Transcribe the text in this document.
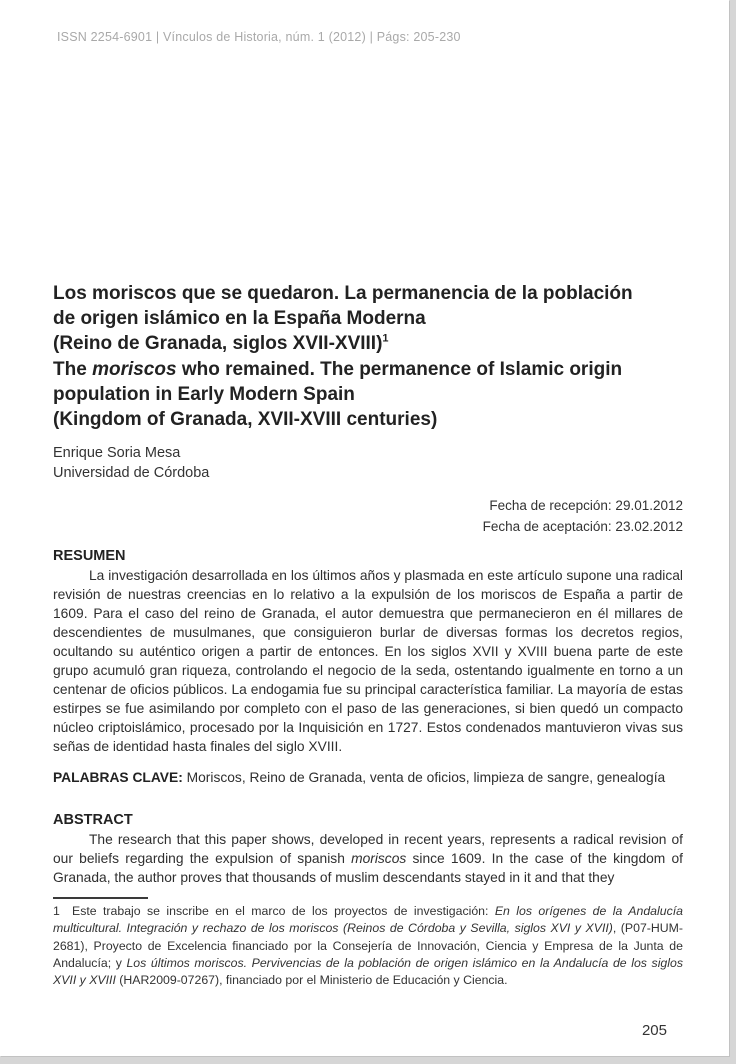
ISSN 2254-6901 | Vínculos de Historia, núm. 1 (2012) | Págs: 205-230
Los moriscos que se quedaron. La permanencia de la población
de origen islámico en la España Moderna
(Reino de Granada, siglos XVII-XVIII)$^1$
The moriscos who remained. The permanence of Islamic origin
population in Early Modern Spain
(Kingdom of Granada, XVII-XVIII centuries)
Enrique Soria Mesa
Universidad de Córdoba
Fecha de recepción: 29.01.2012
Fecha de aceptación: 23.02.2012
RESUMEN

La investigación desarrollada en los últimos años y plasmada en este artículo supone una radical revisión de nuestras creencias en lo relativo a la expulsión de los moriscos de España a partir de 1609. Para el caso del reino de Granada, el autor demuestra que permanecieron en él millares de descendientes de musulmanes, que consiguieron burlar de diversas formas los decretos regios, ocultando su auténtico origen a partir de entonces. En los siglos XVII y XVIII buena parte de este grupo acumuló gran riqueza, controlando el negocio de la seda, ostentando igualmente en torno a un centenar de oficios públicos. La endogamia fue su principal característica familiar. La mayoría de estas estirpes se fue asimilando por completo con el paso de las generaciones, si bien quedó un compacto núcleo criptoislámico, procesado por la Inquisición en 1727. Estos condenados mantuvieron vivas sus señas de identidad hasta finales del siglo XVIII.

PALABRAS CLAVE: Moriscos, Reino de Granada, venta de oficios, limpieza de sangre, genealogía

ABSTRACT

The research that this paper shows, developed in recent years, represents a radical revision of our beliefs regarding the expulsion of spanish moriscos since 1609. In the case of the kingdom of Granada, the author proves that thousands of muslim descendants stayed in it and that they

1 Este trabajo se inscribe en el marco de los proyectos de investigación: En los orígenes de la Andalucía multicultural. Integración y rechazo de los moriscos (Reinos de Córdoba y Sevilla, siglos XVI y XVII), (P07-HUM-2681), Proyecto de Excelencia financiado por la Consejería de Innovación, Ciencia y Empresa de la Junta de Andalucía; y Los últimos moriscos. Pervivencias de la población de origen islámico en la Andalucía de los siglos XVII y XVIII (HAR2009-07267), financiado por el Ministerio de Educación y Ciencia.

205
